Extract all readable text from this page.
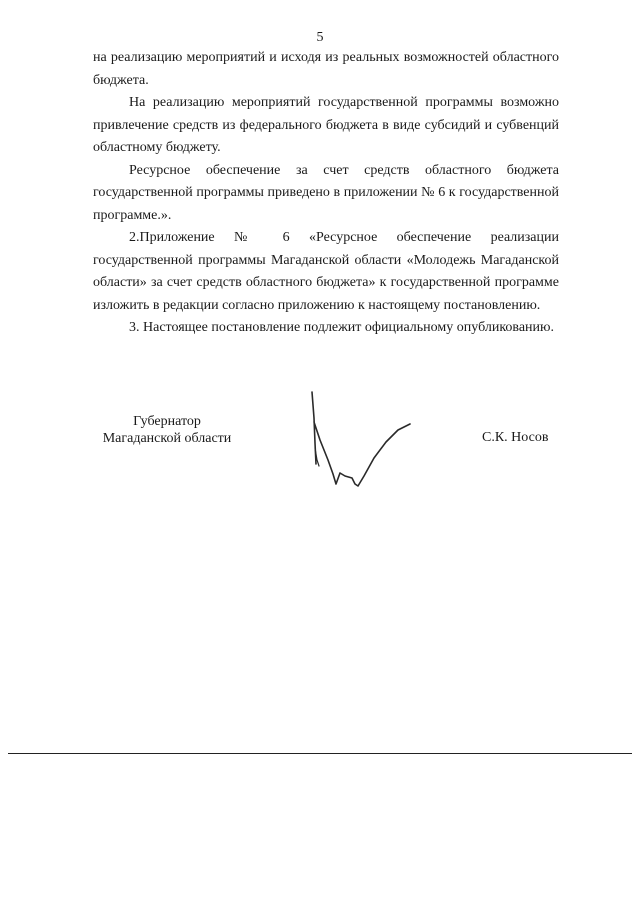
5

на реализацию мероприятий и исходя из реальных возможностей областного бюджета.

На реализацию мероприятий государственной программы возможно привлечение средств из федерального бюджета в виде субсидий и субвенций областному бюджету.

Ресурсное обеспечение за счет средств областного бюджета государственной программы приведено в приложении № 6 к государственной программе.».

2.Приложение № 6 «Ресурсное обеспечение реализации государственной программы Магаданской области «Молодежь Магаданской области» за счет средств областного бюджета» к государственной программе изложить в редакции согласно приложению к настоящему постановлению.

3. Настоящее постановление подлежит официальному опубликованию.

Губернатор
Магаданской области	С.К. Носов
